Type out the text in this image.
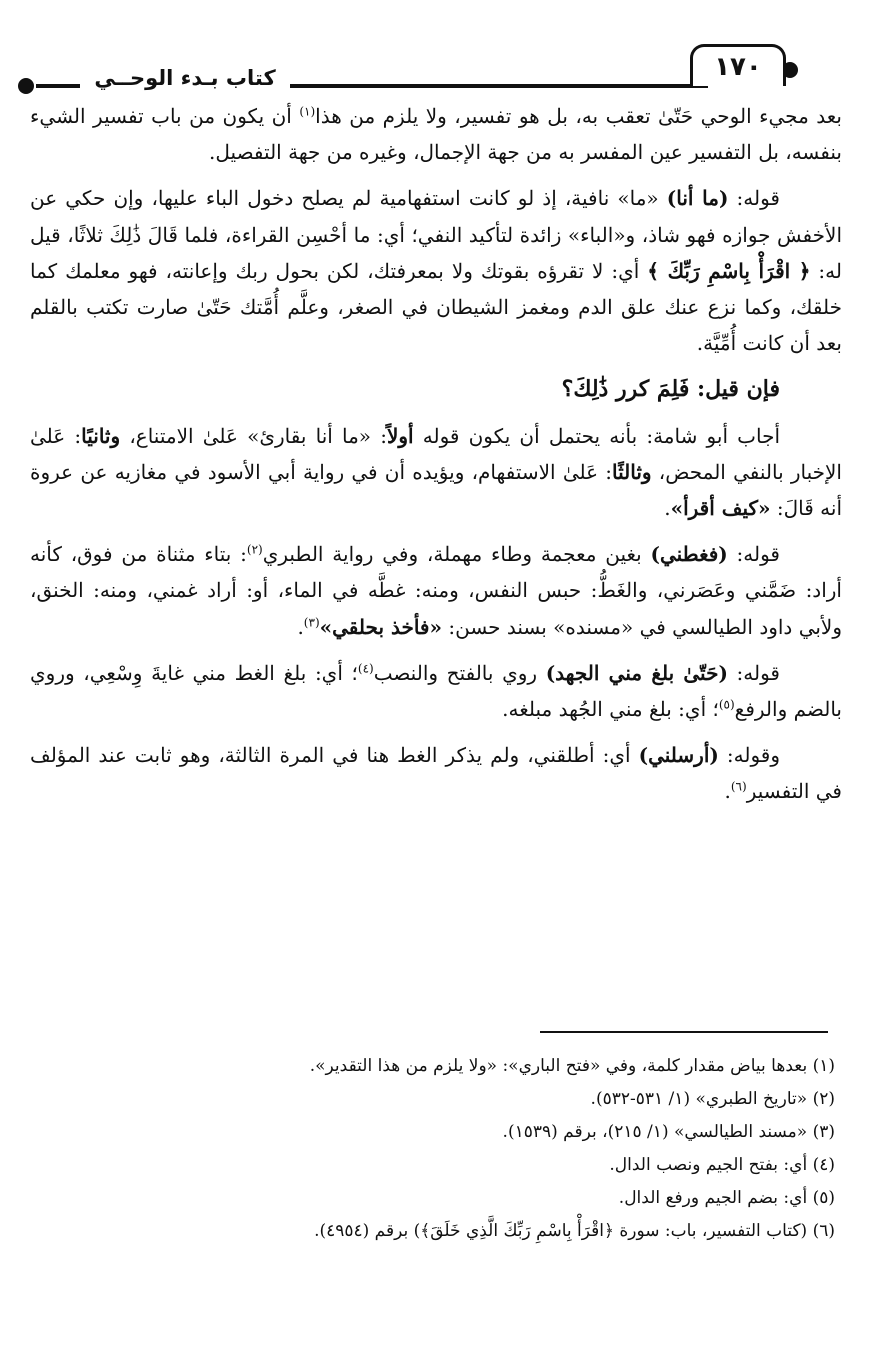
١٧٠
كتاب بـدء الوحــي

بعد مجيء الوحي حَتّىٰ تعقب به، بل هو تفسير، ولا يلزم من هذا$^{(١)}$ أن يكون من باب تفسير الشيء بنفسه، بل التفسير عين المفسر به من جهة الإجمال، وغيره من جهة التفصيل.

قوله: (ما أنا) «ما» نافية، إذ لو كانت استفهامية لم يصلح دخول الباء عليها، وإن حكي عن الأخفش جوازه فهو شاذ، و«الباء» زائدة لتأكيد النفي؛ أي: ما أحْسِن القراءة، فلما قَالَ ذَٰلِكَ ثلاثًا، قيل له: ﴿ اقْرَأْ بِاسْمِ رَبِّكَ ﴾ أي: لا تقرؤه بقوتك ولا بمعرفتك، لكن بحول ربك وإعانته، فهو معلمك كما خلقك، وكما نزع عنك علق الدم ومغمز الشيطان في الصغر، وعلَّم أُمَّتك حَتّىٰ صارت تكتب بالقلم بعد أن كانت أُمِّيَّة.

فإن قيل: فَلِمَ كرر ذَٰلِكَ؟

أجاب أبو شامة: بأنه يحتمل أن يكون قوله أولاً: «ما أنا بقارئ» عَلىٰ الامتناع، وثانيًا: عَلىٰ الإخبار بالنفي المحض، وثالثًا: عَلىٰ الاستفهام، ويؤيده أن في رواية أبي الأسود في مغازيه عن عروة أنه قَالَ: «كيف أقرأ».

قوله: (فغطني) بغين معجمة وطاء مهملة، وفي رواية الطبري$^{(٢)}$: بتاء مثناة من فوق، كأنه أراد: ضَمَّني وعَصَرني، والغَطُّ: حبس النفس، ومنه: غطَّه في الماء، أو: أراد غمني، ومنه: الخنق، ولأبي داود الطيالسي في «مسنده» بسند حسن: «فأخذ بحلقي»$^{(٣)}$.

قوله: (حَتّىٰ بلغ مني الجهد) روي بالفتح والنصب$^{(٤)}$؛ أي: بلغ الغط مني غايةَ وِسْعِي، وروي بالضم والرفع$^{(٥)}$؛ أي: بلغ مني الجُهد مبلغه.

وقوله: (أرسلني) أي: أطلقني، ولم يذكر الغط هنا في المرة الثالثة، وهو ثابت عند المؤلف في التفسير$^{(٦)}$.

(١) بعدها بياض مقدار كلمة، وفي «فتح الباري»: «ولا يلزم من هذا التقدير».

(٢) «تاريخ الطبري» (١/ ٥٣١-٥٣٢).

(٣) «مسند الطيالسي» (١/ ٢١٥)، برقم (١٥٣٩).

(٤) أي: بفتح الجيم ونصب الدال.

(٥) أي: بضم الجيم ورفع الدال.

(٦) (كتاب التفسير، باب: سورة ﴿اقْرَأْ بِاسْمِ رَبِّكَ الَّذِي خَلَقَ﴾) برقم (٤٩٥٤).
